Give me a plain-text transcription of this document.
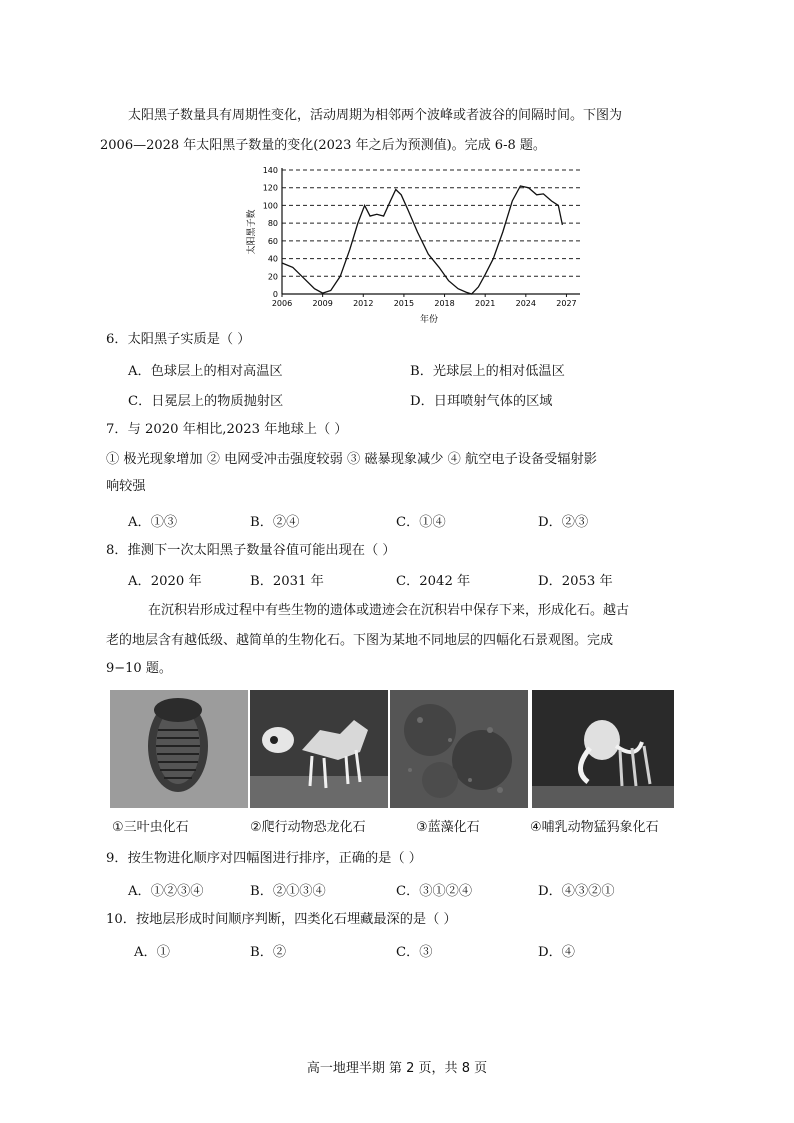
太阳黑子数量具有周期性变化，活动周期为相邻两个波峰或者波谷的间隔时间。下图为
2006—2028 年太阳黑子数量的变化(2023 年之后为预测值)。完成 6-8 题。
0
20
40
60
80
100
120
140
2006	2009	2012	2015	2018	2021	2024	2027
太阳黑子数
年份
6．太阳黑子实质是（ ）
A．色球层上的相对高温区	B．光球层上的相对低温区
C．日冕层上的物质抛射区	D．日珥喷射气体的区域
7．与 2020 年相比,2023 年地球上（ ）
① 极光现象增加 ② 电网受冲击强度较弱 ③ 磁暴现象减少 ④ 航空电子设备受辐射影
响较强
A．①③	B．②④	C．①④	D．②③
8．推测下一次太阳黑子数量谷值可能出现在（ ）
A．2020 年	B．2031 年	C．2042 年	D．2053 年
在沉积岩形成过程中有些生物的遗体或遗迹会在沉积岩中保存下来，形成化石。越古
老的地层含有越低级、越简单的生物化石。下图为某地不同地层的四幅化石景观图。完成
9−10 题。
①三叶虫化石	②爬行动物恐龙化石	③蓝藻化石	④哺乳动物猛犸象化石
9．按生物进化顺序对四幅图进行排序，正确的是（ ）
A．①②③④	B．②①③④	C．③①②④	D．④③②①
10．按地层形成时间顺序判断，四类化石埋藏最深的是（ ）
A．①	B．②	C．③	D．④
高一地理半期 第 2 页，共 8 页
